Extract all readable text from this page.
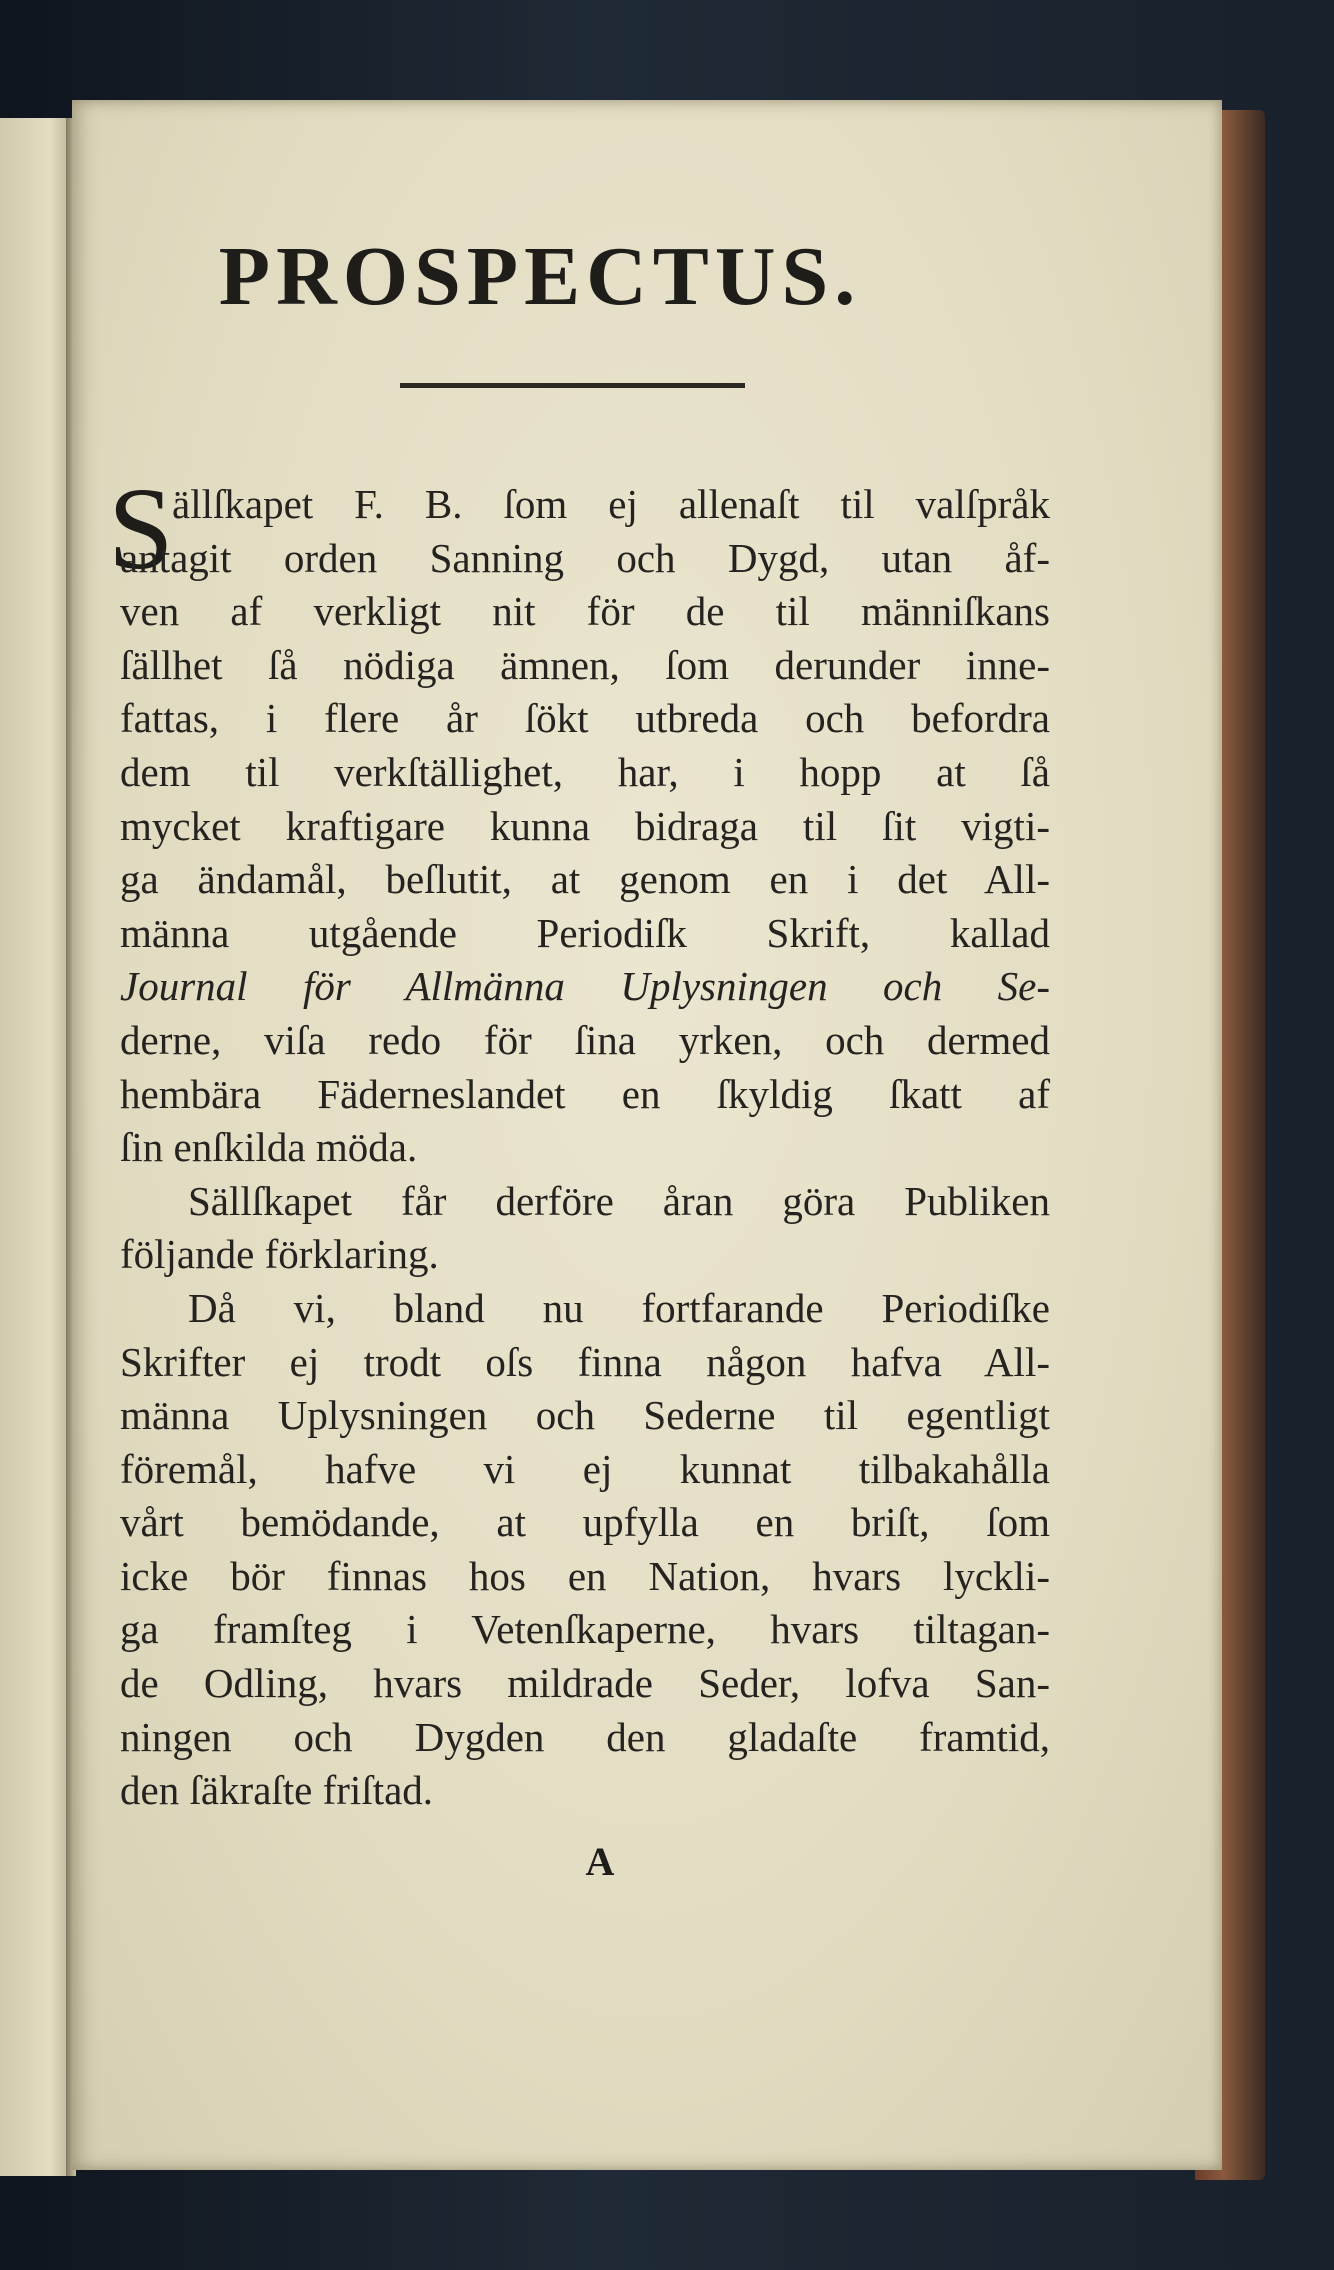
PROSPECTUS.
S
ällſkapet F. B. ſom ej allenaſt til valſpråk
antagit orden Sanning och Dygd, utan åf-
ven af verkligt nit för de til männiſkans
ſällhet ſå nödiga ämnen, ſom derunder inne-
fattas, i flere år ſökt utbreda och befordra
dem til verkſtällighet, har, i hopp at ſå
mycket kraftigare kunna bidraga til ſit vigti-
ga ändamål, beſlutit, at genom en i det All-
männa utgående Periodiſk Skrift, kallad
Journal för Allmänna Uplysningen och Se-
derne, viſa redo för ſina yrken, och dermed
hembära Fäderneslandet en ſkyldig ſkatt af
ſin enſkilda möda.
Sällſkapet får derföre åran göra Publiken
följande förklaring.
Då vi, bland nu fortfarande Periodiſke
Skrifter ej trodt oſs finna någon hafva All-
männa Uplysningen och Sederne til egentligt
föremål, hafve vi ej kunnat tilbakahålla
vårt bemödande, at upfylla en briſt, ſom
icke bör finnas hos en Nation, hvars lyckli-
ga framſteg i Vetenſkaperne, hvars tiltagan-
de Odling, hvars mildrade Seder, lofva San-
ningen och Dygden den gladaſte framtid,
den ſäkraſte friſtad.
A
